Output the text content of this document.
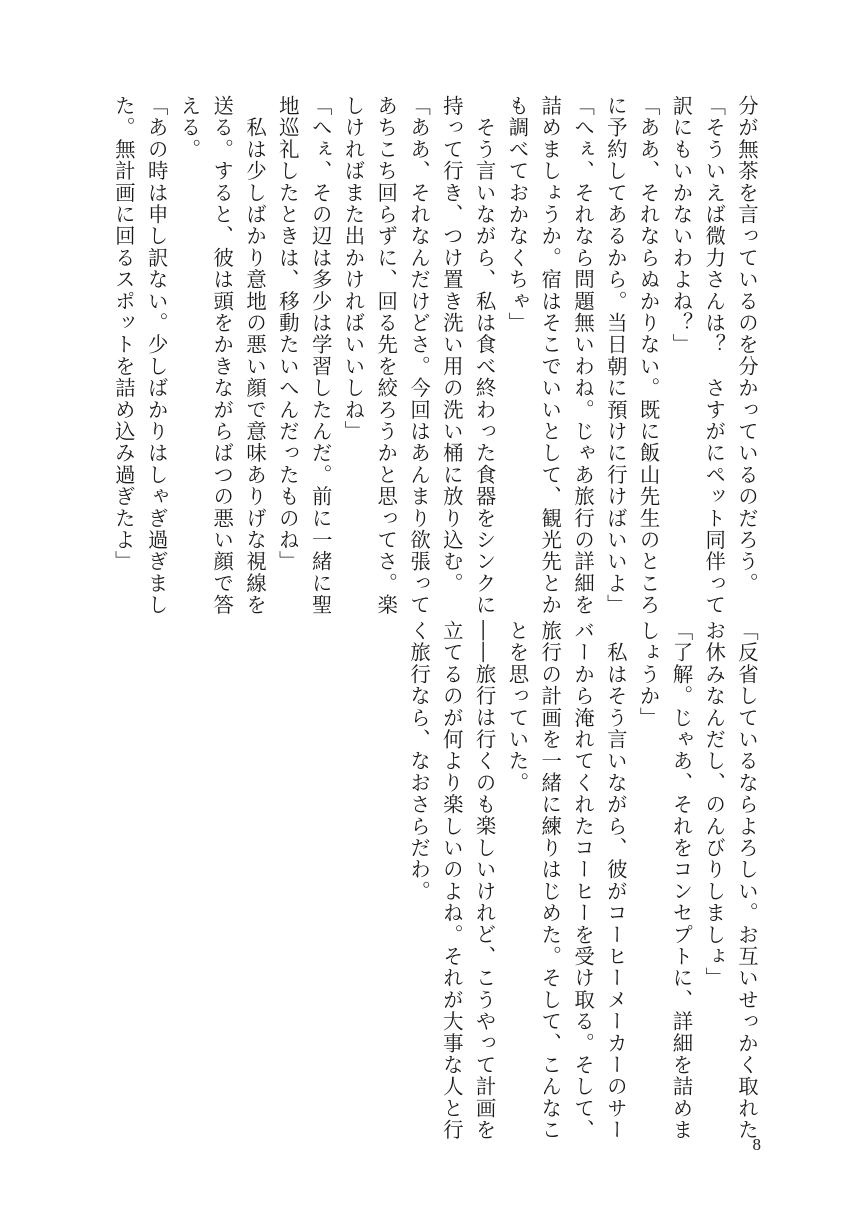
分が無茶を言っているのを分かっているのだろう。
「そういえば微力さんは？　さすがにペット同伴って
訳にもいかないわよね？」
「ああ、それならぬかりない。既に飯山先生のところ
に予約してあるから。当日朝に預けに行けばいいよ」
「へぇ、それなら問題無いわね。じゃあ旅行の詳細を
詰めましょうか。宿はそこでいいとして、観光先とか
も調べておかなくちゃ」
　そう言いながら、私は食べ終わった食器をシンクに
持って行き、つけ置き洗い用の洗い桶に放り込む。
「ああ、それなんだけどさ。今回はあんまり欲張って
あちこち回らずに、回る先を絞ろうかと思ってさ。楽
しければまた出かければいいしね」
「へぇ、その辺は多少は学習したんだ。前に一緒に聖
地巡礼したときは、移動たいへんだったものね」
　私は少しばかり意地の悪い顔で意味ありげな視線を
送る。すると、彼は頭をかきながらばつの悪い顔で答
える。
「あの時は申し訳ない。少しばかりはしゃぎ過ぎまし
た。無計画に回るスポットを詰め込み過ぎたよ」
「反省しているならよろしい。お互いせっかく取れた
お休みなんだし、のんびりしましょ」
「了解。じゃあ、それをコンセプトに、詳細を詰めま
しょうか」
　私はそう言いながら、彼がコーヒーメーカーのサー
バーから淹れてくれたコーヒーを受け取る。そして、
旅行の計画を一緒に練りはじめた。そして、こんなこ
とを思っていた。
――旅行は行くのも楽しいけれど、こうやって計画を
立てるのが何より楽しいのよね。それが大事な人と行
く旅行なら、なおさらだわ。
8
